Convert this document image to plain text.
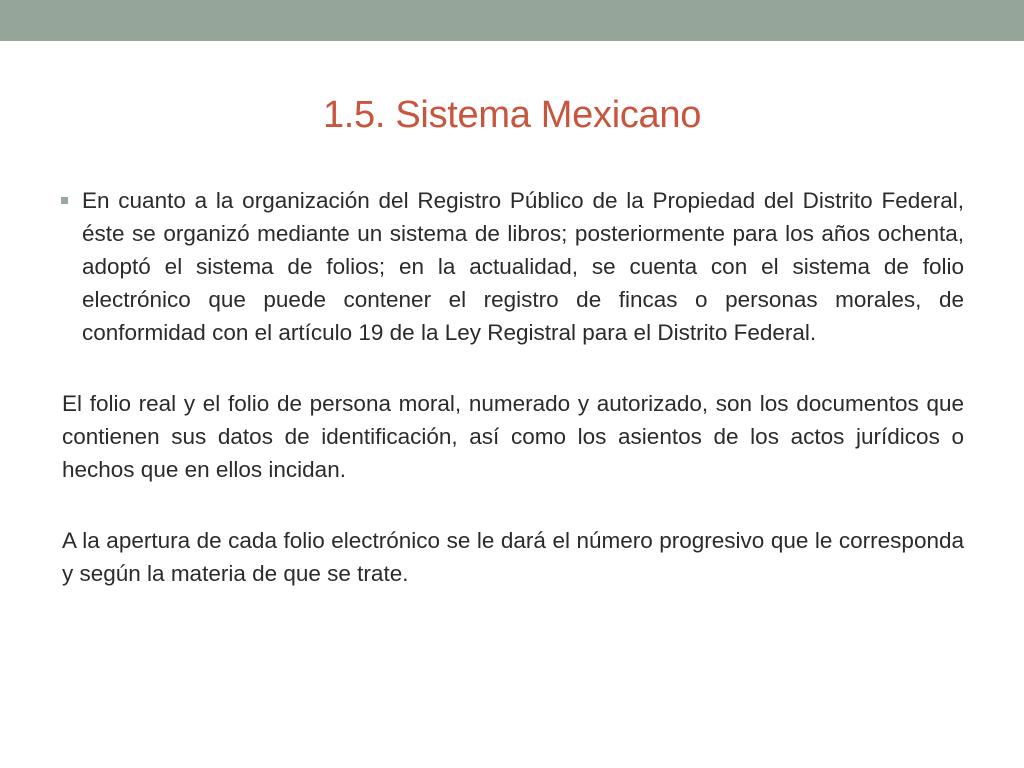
1.5. Sistema Mexicano

En cuanto a la organización del Registro Público de la Propiedad del Distrito Federal, éste se organizó mediante un sistema de libros; posteriormente para los años ochenta, adoptó el sistema de folios; en la actualidad, se cuenta con el sistema de folio electrónico que puede contener el registro de fincas o personas morales, de conformidad con el artículo 19 de la Ley Registral para el Distrito Federal.

El folio real y el folio de persona moral, numerado y autorizado, son los documentos que contienen sus datos de identificación, así como los asientos de los actos jurídicos o hechos que en ellos incidan.

A la apertura de cada folio electrónico se le dará el número progresivo que le corresponda y según la materia de que se trate.
